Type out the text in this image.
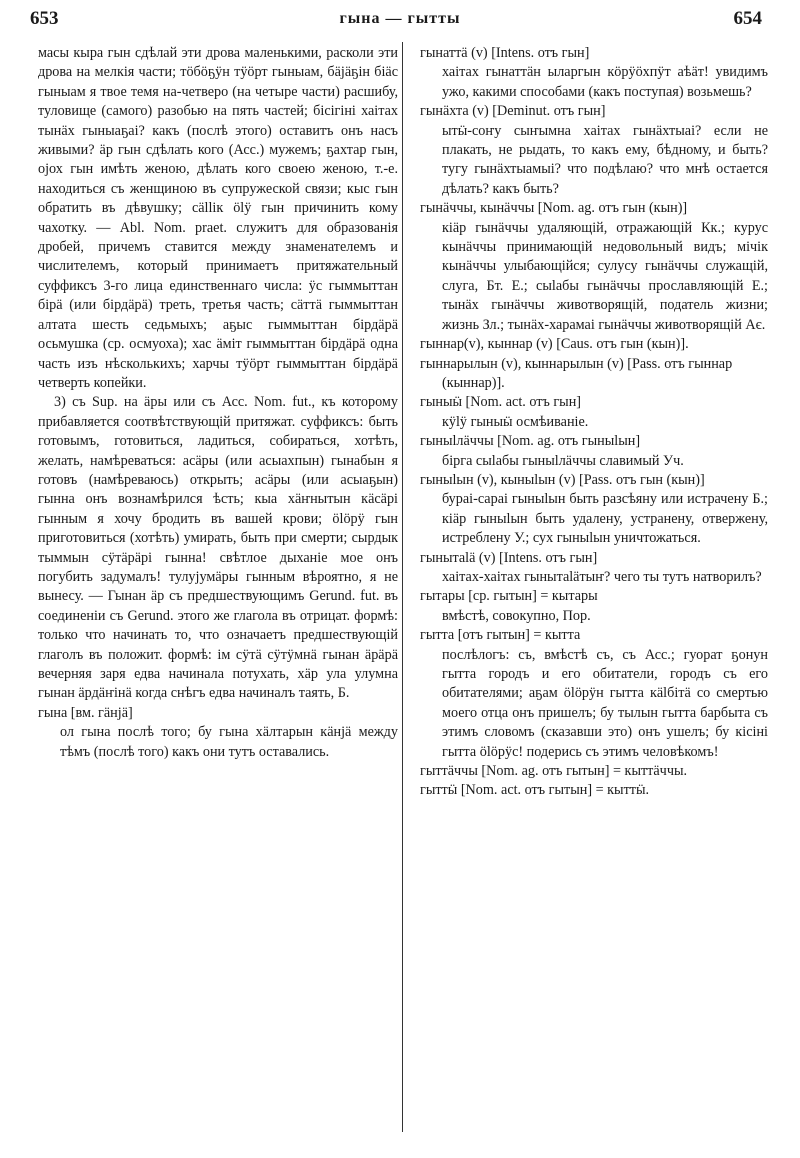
653	гына — гытты	654

масы кыра гын сдѣлай эти дрова маленькими, расколи эти дрова на мелкія части; тӧбӧҕӱн тӱӧрт гыныам, бӓјӓҕін біӓс гыныам я твое темя на-четверо (на четыре части) расшибу, туловище (самого) разобью на пять частей; бісігіні хаітах тынӓх гыныаҕаі? какъ (послѣ этого) оставитъ онъ насъ живыми? ӓр гын сдѣлать кого (Асс.) мужемъ; ҕахтар гын, ојох гын имѣть женою, дѣлать кого своею женою, т.-е. находиться съ женщиною въ супружеской связи; кыс гын обратить въ дѣвушку; сӓllік ӧlӱ гын причинить кому чахотку. — Abl. Nom. praet. служитъ для образованія дробей, причемъ ставится между знаменателемъ и числителемъ, который принимаетъ притяжательный суффиксъ 3-го лица единственнаго числа: ӱс гыммыттан бірӓ (или бірдӓрӓ) треть, третья часть; сӓттӓ гыммыттан алтата шесть седьмыхъ; аҕыс гыммыттан бірдӓрӓ осьмушка (ср. осмуоха); хас ӓміт гыммыттан бірдӓрӓ одна часть изъ нѣсколькихъ; харчы тӱӧрт гыммыттан бірдӓрӓ четверть копейки.

3) съ Sup. на ӓры или съ Асс. Nom. fut., къ которому прибавляется соотвѣтствующій притяжат. суффиксъ: быть готовымъ, готовиться, ладиться, собираться, хотѣть, желать, намѣреваться: асӓры (или асыахпын) гынабын я готовъ (намѣреваюсь) открыть; асӓры (или асыаҕын) гынна онъ вознамѣрился ѣсть; кыа хӓҥнытын кӓсӓрі гынным я хочу бродить въ вашей крови; ӧlӧрӱ гын приготовиться (хотѣть) умирать, быть при смерти; сырдык тыммын сӱтӓрӓрі гынна! свѣтлое дыханіе мое онъ погубить задумалъ! тулујумӓры гынным вѣроятно, я не вынесу. — Гынан ӓр съ предшествующимъ Gerund. fut. въ соединеніи съ Gerund. этого же глагола въ отрицат. формѣ: только что начинать то, что означаетъ предшествующій глаголъ въ положит. формѣ: ім сӱтӓ сӱтӱмнӓ гынан ӓрӓрӓ вечерняя заря едва начинала потухать, хӓр ула улумна гынан ӓрдӓҥінӓ когда снѣгъ едва начиналъ таять, Б.

гына [вм. гӓнјӓ]

ол гына послѣ того; бу гына хӓлтарын кӓнјӓ между тѣмъ (послѣ того) какъ они тутъ оставались.

гынаттӓ (v) [Intens. отъ гын]

хаітах гынаттӓн ыларгын кӧрӱӧхпӱт аѣӓт! увидимъ ужо, какими способами (какъ поступая) возьмешь?

гынӓхта (v) [Deminut. отъ гын]

ытӹ-соҥу сыҥымна хаітах гынӓхтыаі? если не плакать, не рыдать, то какъ ему, бѣдному, и быть? тугу гынӓхтыамыі? что подѣлаю? что мнѣ остается дѣлать? какъ быть?

гынӓччы, кынӓччы [Nom. ag. отъ гын (кын)]

кіӓр гынӓччы удаляющій, отражающій Кк.; курус кынӓччы принимающій недовольный видъ; мічік кынӓччы улыбающійся; сулусу гынӓччы служащій, слуга, Бт. Е.; сыlабы гынӓччы прославляющій Е.; тынӓх гынӓччы животворящій, податель жизни; жизнь Зл.; тынӓх-харамаі гынӓччы животворящій Ає.

гыннар(v), кыннар (v) [Caus. отъ гын (кын)].

гыннарылын (v), кыннарылын (v) [Pass. отъ гыннар (кыннар)].

гыныӹ [Nom. act. отъ гын]

кӱlӱ гыныӹ осмѣиваніе.

гыныlлӓччы [Nom. ag. отъ гыныlын]

бірга сыlабы гыныlлӓччы славимый Уч.

гыныlын (v), кыныlын (v) [Pass. отъ гын (кын)]

бураі-сараі гыныlын быть разсѣяну или истрачену Б.; кіӓр гыныlын быть удалену, устранену, отвержену, истреблену У.; сух гыныlын уничтожаться.

гынытаlӓ (v) [Intens. отъ гын]

хаітах-хаітах гынытаlӓтыҥ? чего ты тутъ натворилъ?

гытары [ср. гытын] = кытары

вмѣстѣ, совокупно, Пор.

гытта [отъ гытын] = кытта

послѣлогъ: съ, вмѣстѣ съ, съ Асс.; гуорат ҕонун гытта городъ и его обитатели, городъ съ его обитателями; аҕам ӧlӧрӱн гытта кӓlбітӓ со смертью моего отца онъ пришелъ; бу тылын гытта барбыта съ этимъ словомъ (сказавши это) онъ ушелъ; бу кісіні гытта ӧlӧрӱс! подерись съ этимъ человѣкомъ!

гыттӓччы [Nom. ag. отъ гытын] = кыттӓччы.

гыттӹ [Nom. act. отъ гытын] = кыттӹ.
